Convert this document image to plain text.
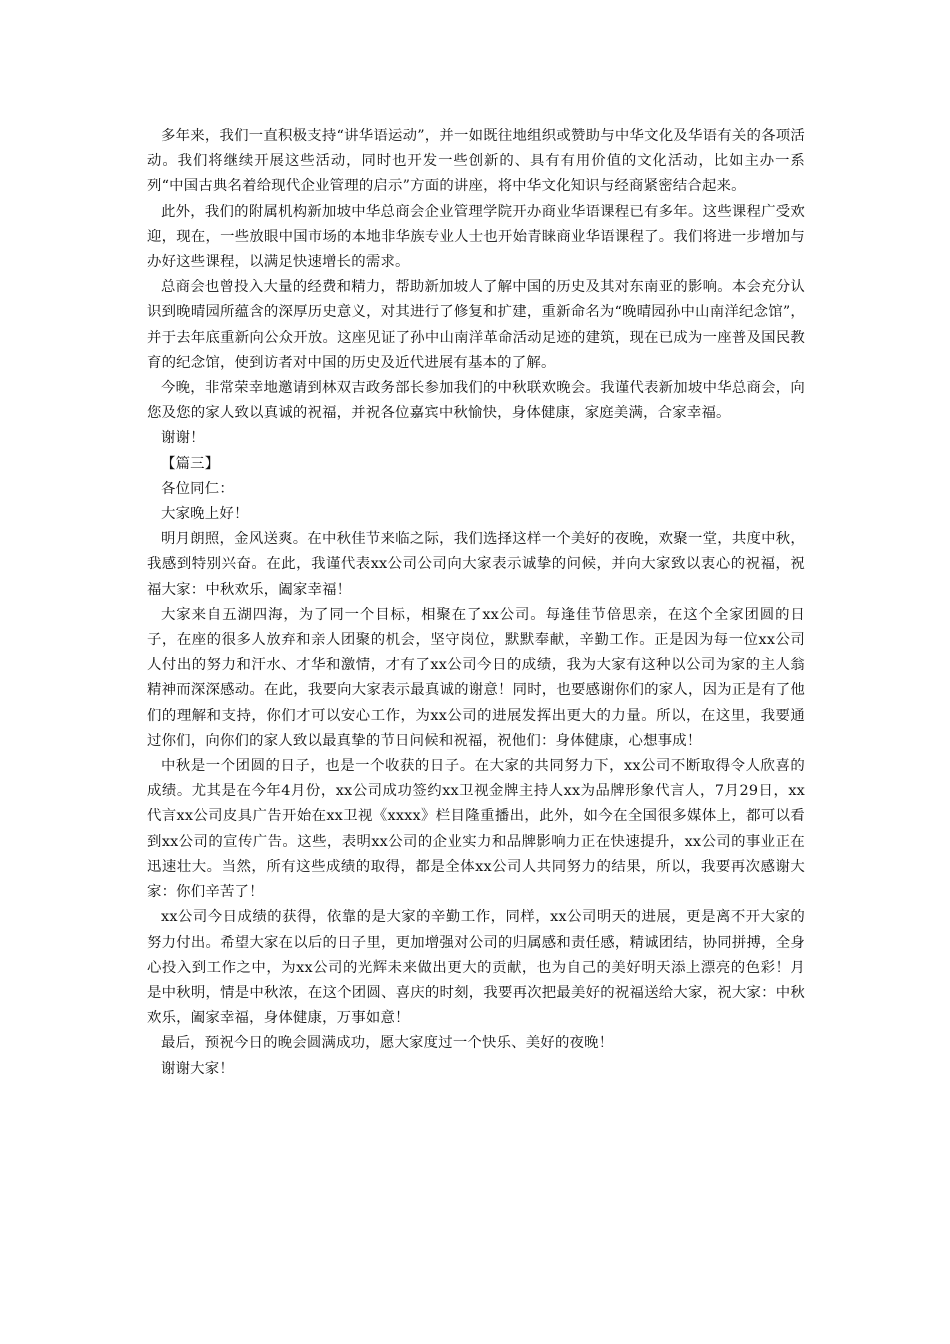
多年来，我们一直积极支持“讲华语运动”，并一如既往地组织或赞助与中华文化及华语有关的各项活动。我们将继续开展这些活动，同时也开发一些创新的、具有有用价值的文化活动，比如主办一系列“中国古典名着给现代企业管理的启示”方面的讲座，将中华文化知识与经商紧密结合起来。

此外，我们的附属机构新加坡中华总商会企业管理学院开办商业华语课程已有多年。这些课程广受欢迎，现在，一些放眼中国市场的本地非华族专业人士也开始青睐商业华语课程了。我们将进一步增加与办好这些课程，以满足快速增长的需求。

总商会也曾投入大量的经费和精力，帮助新加坡人了解中国的历史及其对东南亚的影响。本会充分认识到晚晴园所蕴含的深厚历史意义，对其进行了修复和扩建，重新命名为“晚晴园孙中山南洋纪念馆”，并于去年底重新向公众开放。这座见证了孙中山南洋革命活动足迹的建筑，现在已成为一座普及国民教育的纪念馆，使到访者对中国的历史及近代进展有基本的了解。

今晚，非常荣幸地邀请到林双吉政务部长参加我们的中秋联欢晚会。我谨代表新加坡中华总商会，向您及您的家人致以真诚的祝福，并祝各位嘉宾中秋愉快，身体健康，家庭美满，合家幸福。

谢谢！

【篇三】

各位同仁：

大家晚上好！

明月朗照，金风送爽。在中秋佳节来临之际，我们选择这样一个美好的夜晚，欢聚一堂，共度中秋，我感到特别兴奋。在此，我谨代表xx公司公司向大家表示诚挚的问候，并向大家致以衷心的祝福，祝福大家：中秋欢乐，阖家幸福！

大家来自五湖四海，为了同一个目标，相聚在了xx公司。每逢佳节倍思亲，在这个全家团圆的日子，在座的很多人放弃和亲人团聚的机会，坚守岗位，默默奉献，辛勤工作。正是因为每一位xx公司人付出的努力和汗水、才华和激情，才有了xx公司今日的成绩，我为大家有这种以公司为家的主人翁精神而深深感动。在此，我要向大家表示最真诚的谢意！同时，也要感谢你们的家人，因为正是有了他们的理解和支持，你们才可以安心工作，为xx公司的进展发挥出更大的力量。所以，在这里，我要通过你们，向你们的家人致以最真挚的节日问候和祝福，祝他们：身体健康，心想事成！

中秋是一个团圆的日子，也是一个收获的日子。在大家的共同努力下，xx公司不断取得令人欣喜的成绩。尤其是在今年4月份，xx公司成功签约xx卫视金牌主持人xx为品牌形象代言人，7月29日，xx代言xx公司皮具广告开始在xx卫视《xxxx》栏目隆重播出，此外，如今在全国很多媒体上，都可以看到xx公司的宣传广告。这些，表明xx公司的企业实力和品牌影响力正在快速提升，xx公司的事业正在迅速壮大。当然，所有这些成绩的取得，都是全体xx公司人共同努力的结果，所以，我要再次感谢大家：你们辛苦了！

xx公司今日成绩的获得，依靠的是大家的辛勤工作，同样，xx公司明天的进展，更是离不开大家的努力付出。希望大家在以后的日子里，更加增强对公司的归属感和责任感，精诚团结，协同拼搏，全身心投入到工作之中，为xx公司的光辉未来做出更大的贡献，也为自己的美好明天添上漂亮的色彩！月是中秋明，情是中秋浓，在这个团圆、喜庆的时刻，我要再次把最美好的祝福送给大家，祝大家：中秋欢乐，阖家幸福，身体健康，万事如意！

最后，预祝今日的晚会圆满成功，愿大家度过一个快乐、美好的夜晚！

谢谢大家！
